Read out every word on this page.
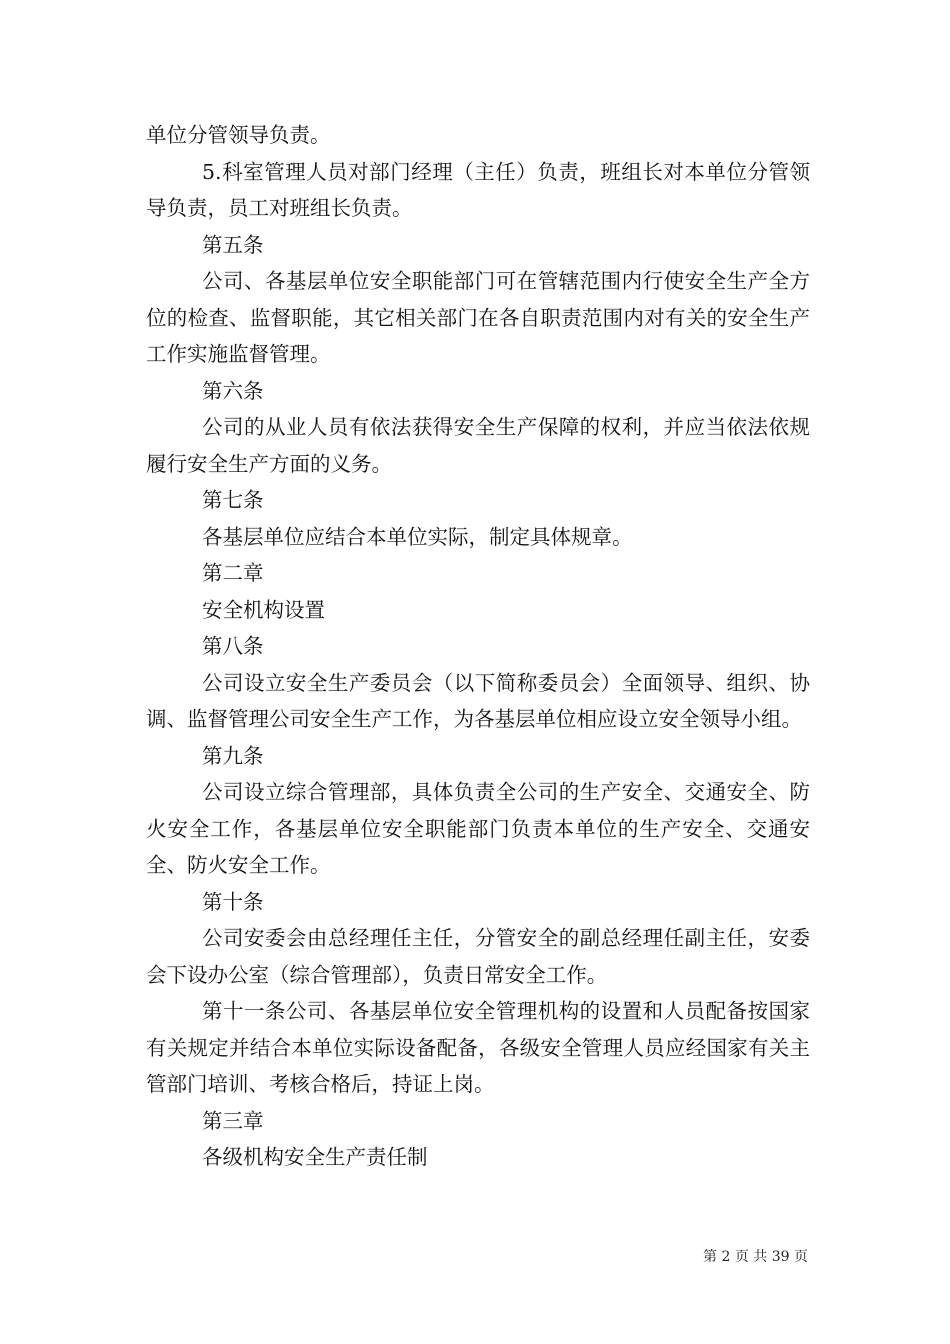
单位分管领导负责。

5.科室管理人员对部门经理（主任）负责，班组长对本单位分管领导负责，员工对班组长负责。

第五条

公司、各基层单位安全职能部门可在管辖范围内行使安全生产全方位的检查、监督职能，其它相关部门在各自职责范围内对有关的安全生产工作实施监督管理。

第六条

公司的从业人员有依法获得安全生产保障的权利，并应当依法依规履行安全生产方面的义务。

第七条

各基层单位应结合本单位实际，制定具体规章。

第二章

安全机构设置

第八条

公司设立安全生产委员会（以下简称委员会）全面领导、组织、协调、监督管理公司安全生产工作，为各基层单位相应设立安全领导小组。

第九条

公司设立综合管理部，具体负责全公司的生产安全、交通安全、防火安全工作，各基层单位安全职能部门负责本单位的生产安全、交通安全、防火安全工作。

第十条

公司安委会由总经理任主任，分管安全的副总经理任副主任，安委会下设办公室（综合管理部），负责日常安全工作。

第十一条公司、各基层单位安全管理机构的设置和人员配备按国家有关规定并结合本单位实际设备配备，各级安全管理人员应经国家有关主管部门培训、考核合格后，持证上岗。

第三章

各级机构安全生产责任制

第 2 页 共 39 页
